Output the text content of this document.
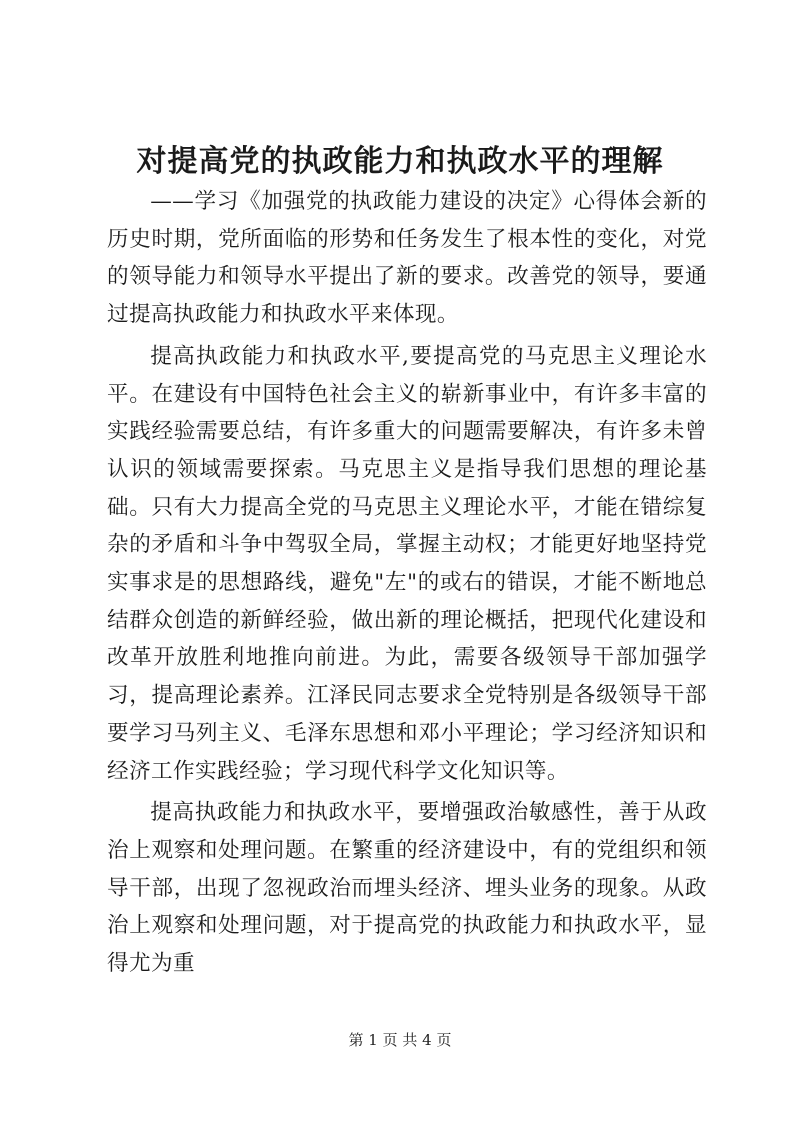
对提高党的执政能力和执政水平的理解

——学习《加强党的执政能力建设的决定》心得体会新的历史时期，党所面临的形势和任务发生了根本性的变化，对党的领导能力和领导水平提出了新的要求。改善党的领导，要通过提高执政能力和执政水平来体现。

提高执政能力和执政水平,要提高党的马克思主义理论水平。在建设有中国特色社会主义的崭新事业中，有许多丰富的实践经验需要总结，有许多重大的问题需要解决，有许多未曾认识的领域需要探索。马克思主义是指导我们思想的理论基础。只有大力提高全党的马克思主义理论水平，才能在错综复杂的矛盾和斗争中驾驭全局，掌握主动权；才能更好地坚持党实事求是的思想路线，避免"左"的或右的错误，才能不断地总结群众创造的新鲜经验，做出新的理论概括，把现代化建设和改革开放胜利地推向前进。为此，需要各级领导干部加强学习，提高理论素养。江泽民同志要求全党特别是各级领导干部要学习马列主义、毛泽东思想和邓小平理论；学习经济知识和经济工作实践经验；学习现代科学文化知识等。

提高执政能力和执政水平，要增强政治敏感性，善于从政治上观察和处理问题。在繁重的经济建设中，有的党组织和领导干部，出现了忽视政治而埋头经济、埋头业务的现象。从政治上观察和处理问题，对于提高党的执政能力和执政水平，显得尤为重

第 1 页 共 4 页
